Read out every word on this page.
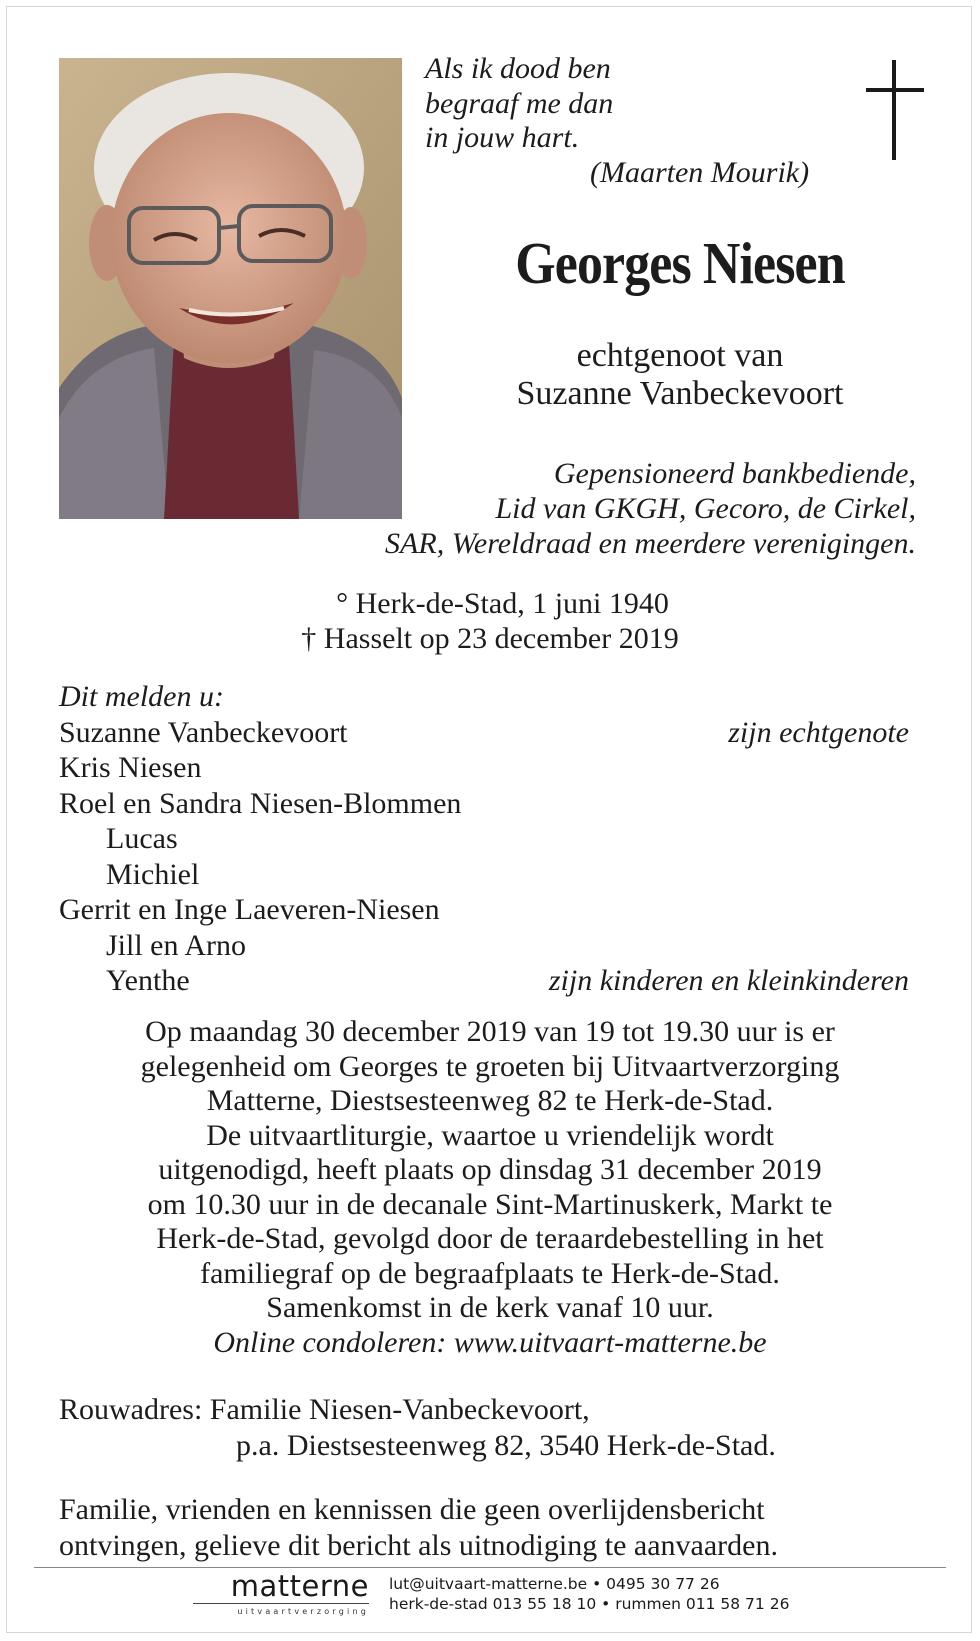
Als ik dood ben
begraaf me dan
in jouw hart.
(Maarten Mourik)
Georges Niesen
echtgenoot van
Suzanne Vanbeckevoort
Gepensioneerd bankbediende,
Lid van GKGH, Gecoro, de Cirkel,
SAR, Wereldraad en meerdere verenigingen.
° Herk-de-Stad, 1 juni 1940
† Hasselt op 23 december 2019
Dit melden u:
Suzanne Vanbeckevoort	zijn echtgenote
Kris Niesen
Roel en Sandra Niesen-Blommen
Lucas
Michiel
Gerrit en Inge Laeveren-Niesen
Jill en Arno
Yenthe	zijn kinderen en kleinkinderen
Op maandag 30 december 2019 van 19 tot 19.30 uur is er
gelegenheid om Georges te groeten bij Uitvaartverzorging
Matterne, Diestsesteenweg 82 te Herk-de-Stad.
De uitvaartliturgie, waartoe u vriendelijk wordt
uitgenodigd, heeft plaats op dinsdag 31 december 2019
om 10.30 uur in de decanale Sint-Martinuskerk, Markt te
Herk-de-Stad, gevolgd door de teraardebestelling in het
familiegraf op de begraafplaats te Herk-de-Stad.
Samenkomst in de kerk vanaf 10 uur.
Online condoleren: www.uitvaart-matterne.be
Rouwadres: Familie Niesen-Vanbeckevoort,
p.a. Diestsesteenweg 82, 3540 Herk-de-Stad.
Familie, vrienden en kennissen die geen overlijdensbericht
ontvingen, gelieve dit bericht als uitnodiging te aanvaarden.
matterne
uitvaartverzorging
lut@uitvaart-matterne.be • 0495 30 77 26
herk-de-stad 013 55 18 10 • rummen 011 58 71 26
